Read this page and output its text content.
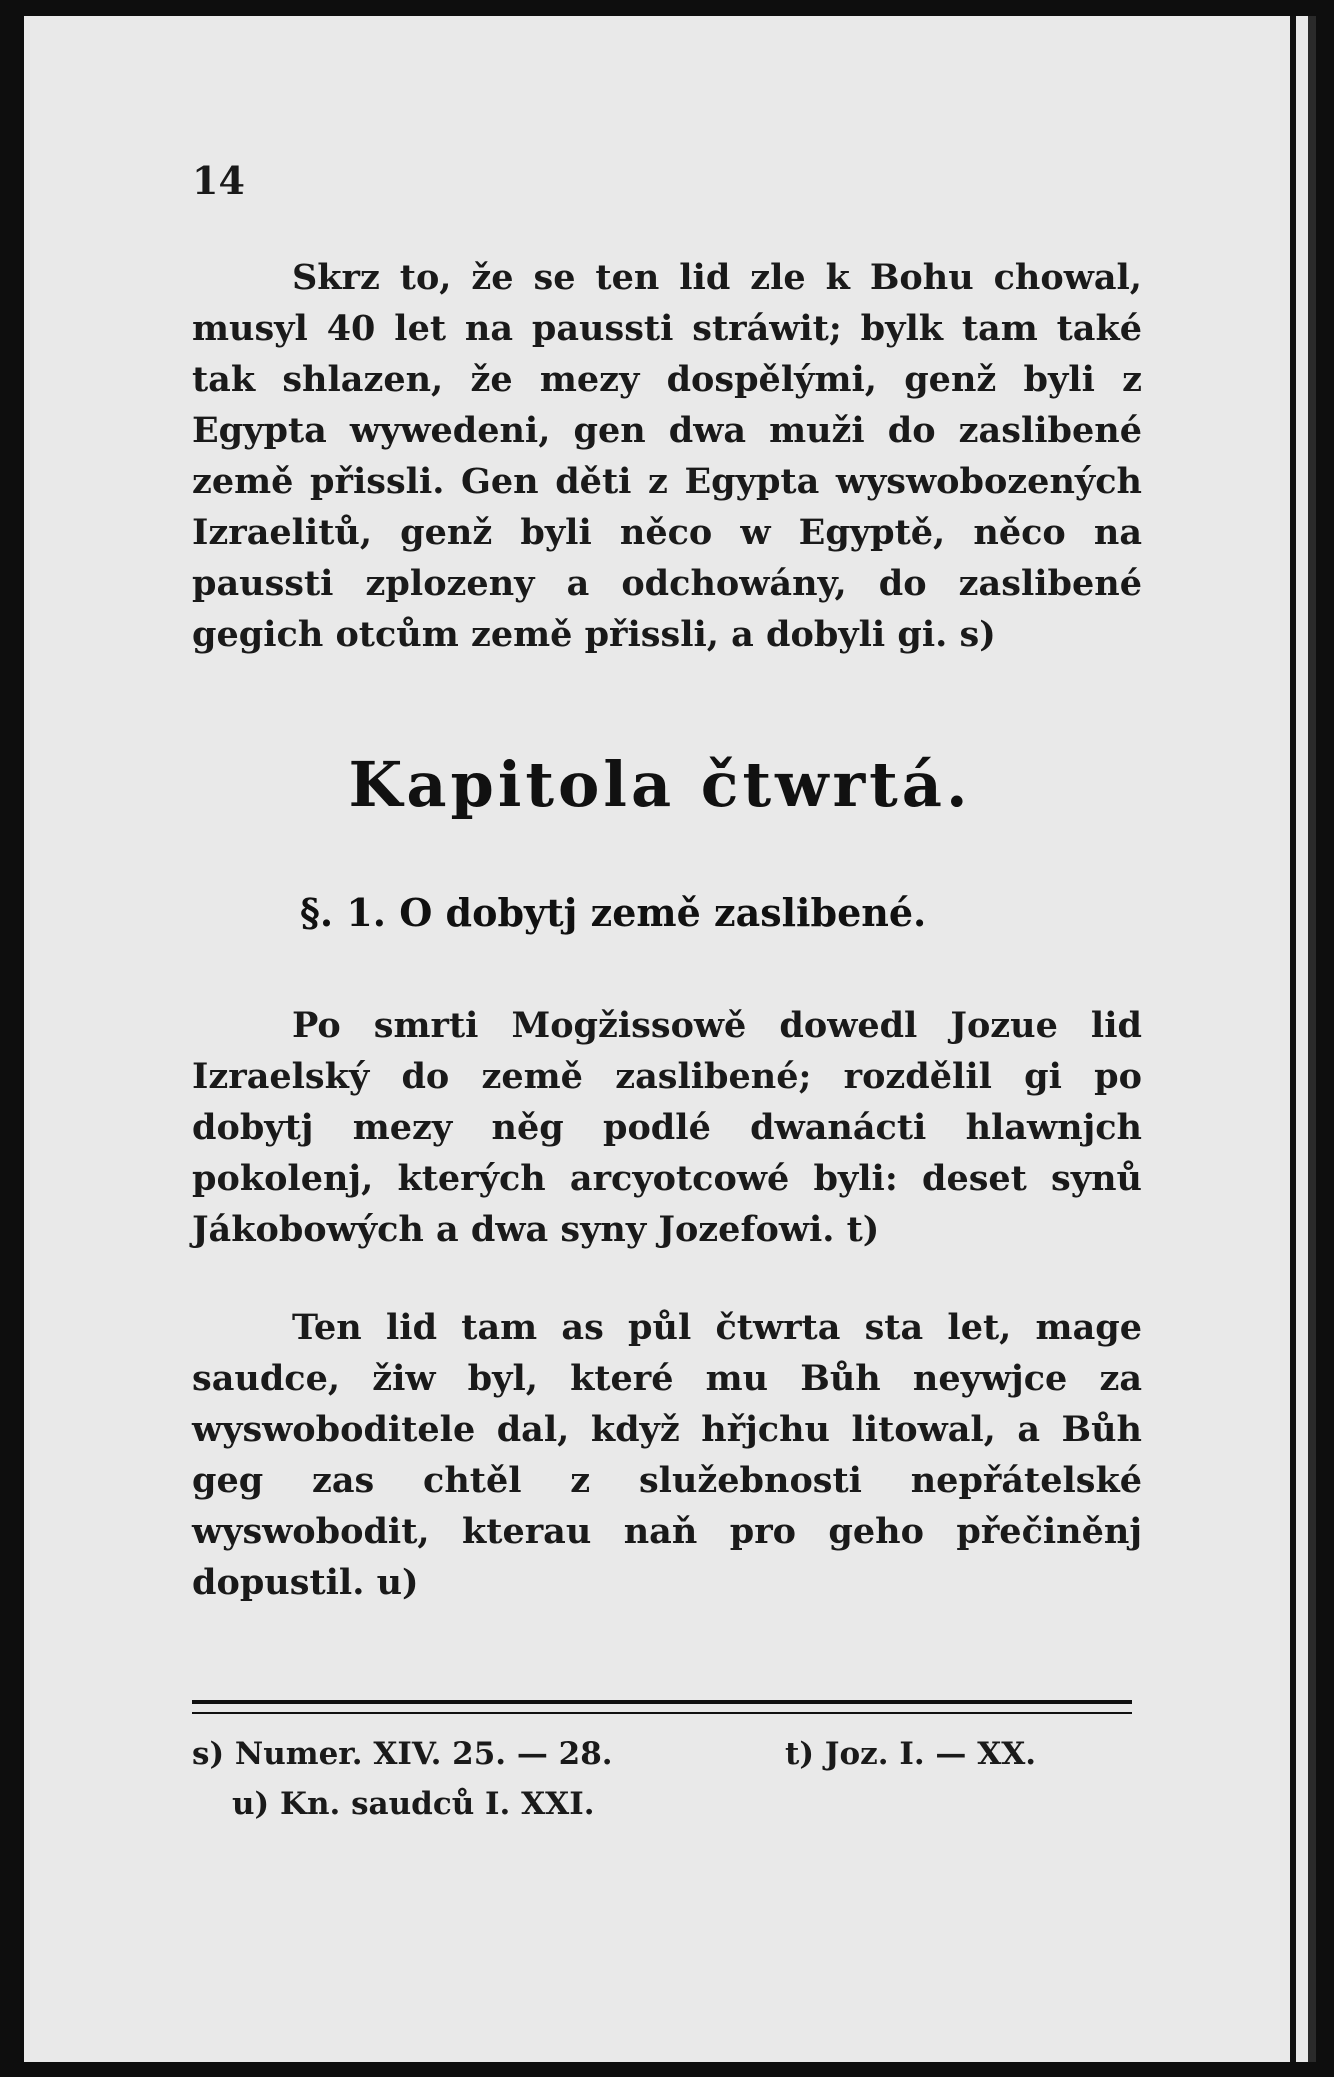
14

Skrz to, že se ten lid zle k Bohu chowal, musyl 40 let na paussti stráwit; bylk tam také tak shlazen, že mezy dospělými, genž byli z Egypta wywedeni, gen dwa muži do zaslibené země přissli. Gen děti z Egypta wyswobozených Izraelitů, genž byli něco w Egyptě, něco na paussti zplozeny a odchowány, do zaslibené gegich otcům země přissli, a dobyli gi. s)

Kapitola čtwrtá.
§. 1. O dobytj země zaslibené.

Po smrti Mogžissowě dowedl Jozue lid Izraelský do země zaslibené; rozdělil gi po dobytj mezy něg podlé dwanácti hlawnjch pokolenj, kterých arcyotcowé byli: deset synů Jákobowých a dwa syny Jozefowi. t)

Ten lid tam as půl čtwrta sta let, mage saudce, žiw byl, které mu Bůh neywjce za wyswoboditele dal, když hřjchu litowal, a Bůh geg zas chtěl z služebnosti nepřátelské wyswobodit, kterau naň pro geho přečiněnj dopustil. u)

s) Numer. XIV. 25. — 28.	t) Joz. I. — XX.
u) Kn. saudců I. XXI.
